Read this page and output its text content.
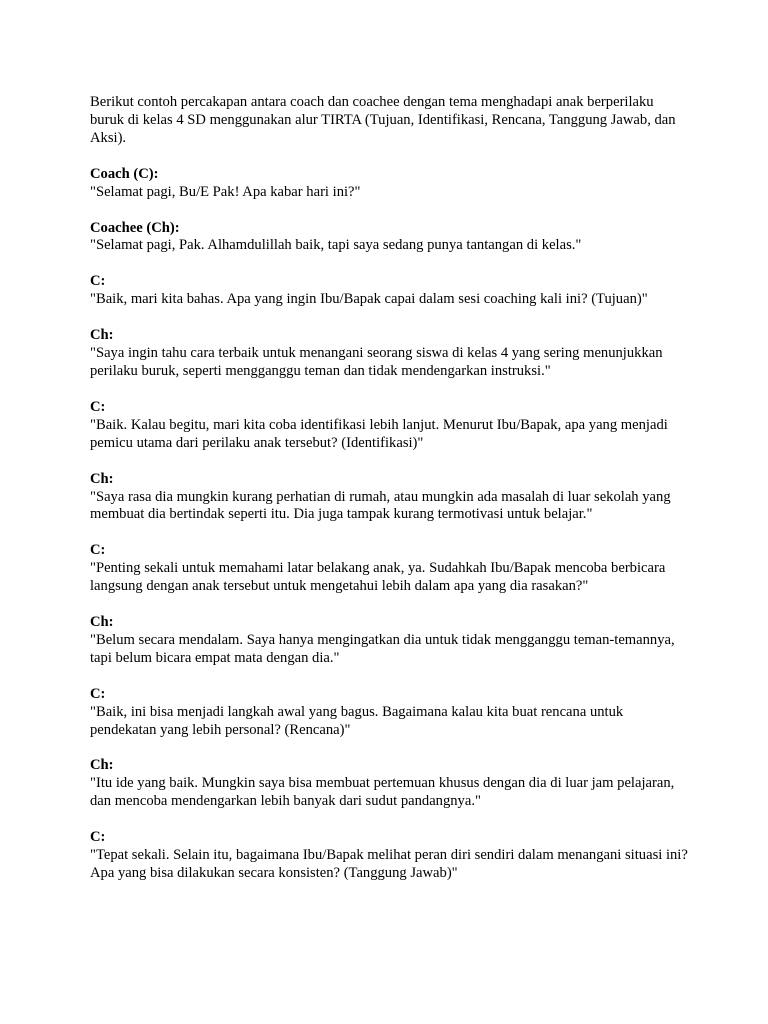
Berikut contoh percakapan antara coach dan coachee dengan tema menghadapi anak berperilaku buruk di kelas 4 SD menggunakan alur TIRTA (Tujuan, Identifikasi, Rencana, Tanggung Jawab, dan Aksi).

Coach (C):
"Selamat pagi, Bu/E Pak! Apa kabar hari ini?"
Coachee (Ch):
"Selamat pagi, Pak. Alhamdulillah baik, tapi saya sedang punya tantangan di kelas."
C:
"Baik, mari kita bahas. Apa yang ingin Ibu/Bapak capai dalam sesi coaching kali ini? (Tujuan)"
Ch:
"Saya ingin tahu cara terbaik untuk menangani seorang siswa di kelas 4 yang sering menunjukkan perilaku buruk, seperti mengganggu teman dan tidak mendengarkan instruksi."
C:
"Baik. Kalau begitu, mari kita coba identifikasi lebih lanjut. Menurut Ibu/Bapak, apa yang menjadi pemicu utama dari perilaku anak tersebut? (Identifikasi)"
Ch:
"Saya rasa dia mungkin kurang perhatian di rumah, atau mungkin ada masalah di luar sekolah yang membuat dia bertindak seperti itu. Dia juga tampak kurang termotivasi untuk belajar."
C:
"Penting sekali untuk memahami latar belakang anak, ya. Sudahkah Ibu/Bapak mencoba berbicara langsung dengan anak tersebut untuk mengetahui lebih dalam apa yang dia rasakan?"
Ch:
"Belum secara mendalam. Saya hanya mengingatkan dia untuk tidak mengganggu teman-temannya, tapi belum bicara empat mata dengan dia."
C:
"Baik, ini bisa menjadi langkah awal yang bagus. Bagaimana kalau kita buat rencana untuk pendekatan yang lebih personal? (Rencana)"
Ch:
"Itu ide yang baik. Mungkin saya bisa membuat pertemuan khusus dengan dia di luar jam pelajaran, dan mencoba mendengarkan lebih banyak dari sudut pandangnya."
C:
"Tepat sekali. Selain itu, bagaimana Ibu/Bapak melihat peran diri sendiri dalam menangani situasi ini? Apa yang bisa dilakukan secara konsisten? (Tanggung Jawab)"
